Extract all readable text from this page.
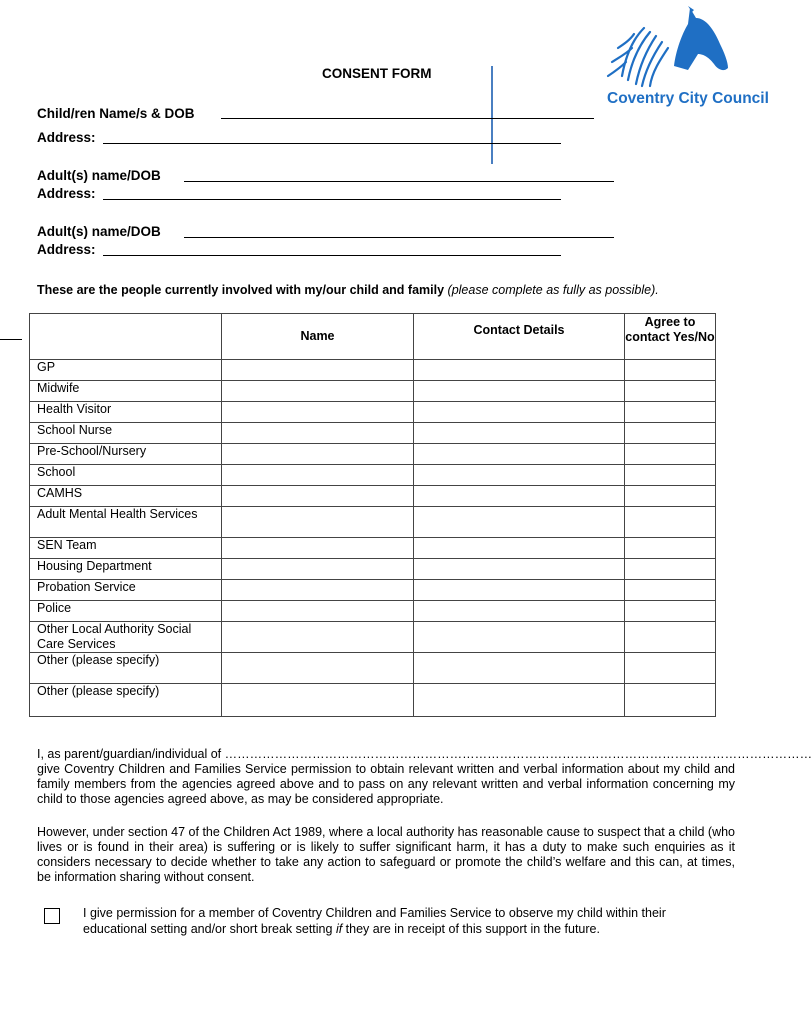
Coventry City Council
CONSENT FORM
Child/ren Name/s & DOB
Address:
Adult(s) name/DOB
Address:
Adult(s) name/DOB
Address:
These are the people currently involved with my/our child and family (please complete as fully as possible).
	Name	Contact Details	Agree to contact Yes/No
GP			
Midwife			
Health Visitor			
School Nurse			
Pre-School/Nursery			
School			
CAMHS			
Adult Mental Health Services			
SEN Team			
Housing Department			
Probation Service			
Police			
Other Local Authority Social Care Services			
Other (please specify)			
Other (please specify)			
I, as parent/guardian/individual of ……………………………………………………………………………………………………………………………
give Coventry Children and Families Service permission to obtain relevant written and verbal information about my child and family members from the agencies agreed above and to pass on any relevant written and verbal information concerning my child to those agencies agreed above, as may be considered appropriate.
However, under section 47 of the Children Act 1989, where a local authority has reasonable cause to suspect that a child (who lives or is found in their area) is suffering or is likely to suffer significant harm, it has a duty to make such enquiries as it considers necessary to decide whether to take any action to safeguard or promote the child’s welfare and this can, at times, be information sharing without consent.
I give permission for a member of Coventry Children and Families Service to observe my child within their educational setting and/or short break setting if they are in receipt of this support in the future.
